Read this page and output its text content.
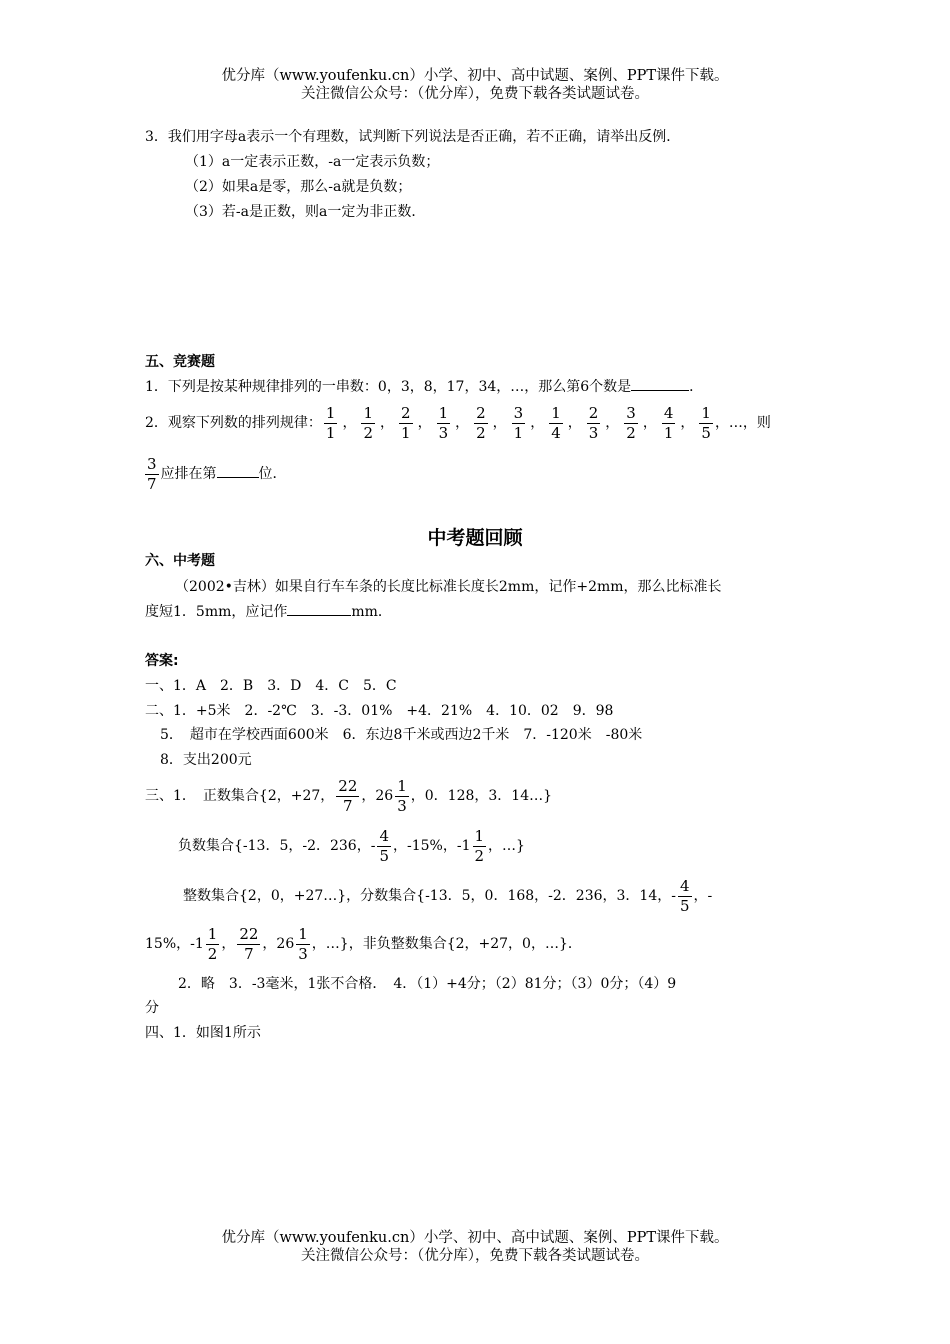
优分库（www.youfenku.cn）小学、初中、高中试题、案例、PPT课件下载。
关注微信公众号：（优分库），免费下载各类试题试卷。
3．我们用字母a表示一个有理数，试判断下列说法是否正确，若不正确，请举出反例．
（1）a一定表示正数，-a一定表示负数；
（2）如果a是零，那么-a就是负数；
（3）若-a是正数，则a一定为非正数．
五、竞赛题
1．下列是按某种规律排列的一串数：0，3，8，17，34，…，那么第6个数是	．
2．观察下列数的排列规律： $\frac{1}{1}$ ， $\frac{1}{2}$ ， $\frac{2}{1}$ ， $\frac{1}{3}$ ， $\frac{2}{2}$ ， $\frac{3}{1}$ ， $\frac{1}{4}$ ， $\frac{2}{3}$ ， $\frac{3}{2}$ ， $\frac{4}{1}$ ， $\frac{1}{5}$ ，…，则
$\frac{3}{7}$ 应排在第	位．
中考题回顾
六、中考题
（2002•吉林）如果自行车车条的长度比标准长度长2mm，记作+2mm，那么比标准长
度短1．5mm，应记作	mm．
答案:
一、1．A　2．B　3．D　4．C　5．C
二、1．+5米　2．-2℃　3．-3．01%　+4．21%　4．10．02　9．98
5．　超市在学校西面600米　6．东边8千米或西边2千米　7．-120米　-80米
8．支出200元
三、1．　正数集合{2，+27， $\frac{22}{7}$ ，$26 \frac{1}{3}$ ，0．128，3．14…}
负数集合{-13．5，-2．236，- $\frac{4}{5}$ ，-15%，$-1 \frac{1}{2}$ ，…}
整数集合{2，0，+27…}，分数集合{-13．5，0．168，-2．236，3．14，- $\frac{4}{5}$ ，-
15%，$-1 \frac{1}{2}$ ， $\frac{22}{7}$ ，$26 \frac{1}{3}$ ，…}，非负整数集合{2，+27，0，…}．
2．略　3．-3毫米，1张不合格．　4．（1）+4分；（2）81分；（3）0分；（4）9
分
四、1．如图1所示
优分库（www.youfenku.cn）小学、初中、高中试题、案例、PPT课件下载。
关注微信公众号：（优分库），免费下载各类试题试卷。
